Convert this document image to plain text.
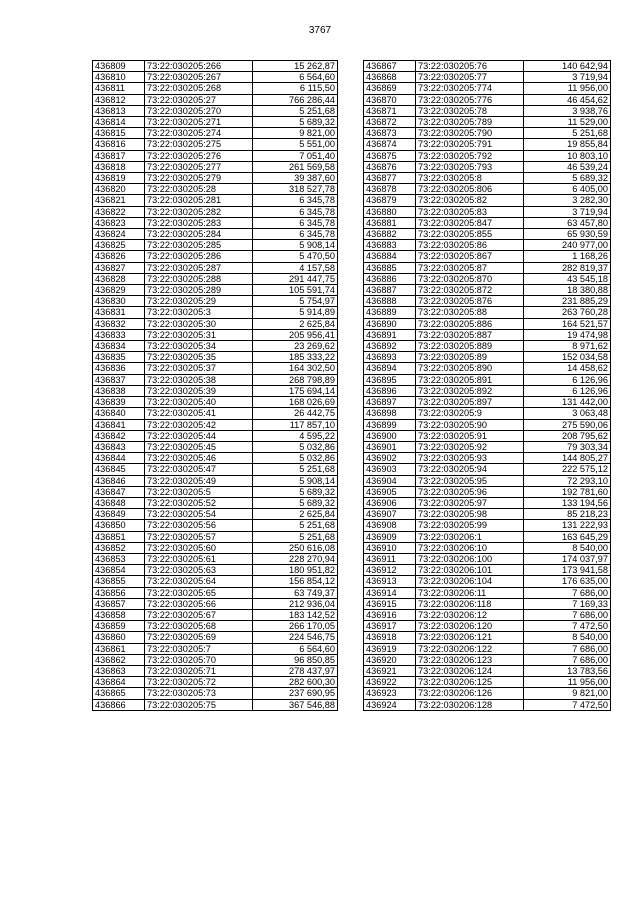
3767
436809	73:22:030205:266	15 262,87
436810	73:22:030205:267	6 564,60
436811	73:22:030205:268	6 115,50
436812	73:22:030205:27	766 286,44
436813	73:22:030205:270	5 251,68
436814	73:22:030205:271	5 689,32
436815	73:22:030205:274	9 821,00
436816	73:22:030205:275	5 551,00
436817	73:22:030205:276	7 051,40
436818	73:22:030205:277	261 569,58
436819	73:22:030205:279	39 387,60
436820	73:22:030205:28	318 527,78
436821	73:22:030205:281	6 345,78
436822	73:22:030205:282	6 345,78
436823	73:22:030205:283	6 345,78
436824	73:22:030205:284	6 345,78
436825	73:22:030205:285	5 908,14
436826	73:22:030205:286	5 470,50
436827	73:22:030205:287	4 157,58
436828	73:22:030205:288	291 447,75
436829	73:22:030205:289	105 591,74
436830	73:22:030205:29	5 754,97
436831	73:22:030205:3	5 914,89
436832	73:22:030205:30	2 625,84
436833	73:22:030205:31	205 956,41
436834	73:22:030205:34	23 269,62
436835	73:22:030205:35	185 333,22
436836	73:22:030205:37	164 302,50
436837	73:22:030205:38	268 798,89
436838	73:22:030205:39	175 694,14
436839	73:22:030205:40	168 026,69
436840	73:22:030205:41	26 442,75
436841	73:22:030205:42	117 857,10
436842	73:22:030205:44	4 595,22
436843	73:22:030205:45	5 032,86
436844	73:22:030205:46	5 032,86
436845	73:22:030205:47	5 251,68
436846	73:22:030205:49	5 908,14
436847	73:22:030205:5	5 689,32
436848	73:22:030205:52	5 689,32
436849	73:22:030205:54	2 625,84
436850	73:22:030205:56	5 251,68
436851	73:22:030205:57	5 251,68
436852	73:22:030205:60	250 616,08
436853	73:22:030205:61	228 270,94
436854	73:22:030205:63	180 951,82
436855	73:22:030205:64	156 854,12
436856	73:22:030205:65	63 749,37
436857	73:22:030205:66	212 936,04
436858	73:22:030205:67	183 142,52
436859	73:22:030205:68	266 170,05
436860	73:22:030205:69	224 546,75
436861	73:22:030205:7	6 564,60
436862	73:22:030205:70	96 850,85
436863	73:22:030205:71	278 437,97
436864	73:22:030205:72	282 600,30
436865	73:22:030205:73	237 690,95
436866	73:22:030205:75	367 546,88
436867	73:22:030205:76	140 642,94
436868	73:22:030205:77	3 719,94
436869	73:22:030205:774	11 956,00
436870	73:22:030205:776	46 454,62
436871	73:22:030205:78	3 938,76
436872	73:22:030205:789	11 529,00
436873	73:22:030205:790	5 251,68
436874	73:22:030205:791	19 855,84
436875	73:22:030205:792	10 803,10
436876	73:22:030205:793	46 539,24
436877	73:22:030205:8	5 689,32
436878	73:22:030205:806	6 405,00
436879	73:22:030205:82	3 282,30
436880	73:22:030205:83	3 719,94
436881	73:22:030205:847	63 457,80
436882	73:22:030205:855	65 930,59
436883	73:22:030205:86	240 977,00
436884	73:22:030205:867	1 168,26
436885	73:22:030205:87	282 819,37
436886	73:22:030205:870	43 545,18
436887	73:22:030205:872	18 380,88
436888	73:22:030205:876	231 885,29
436889	73:22:030205:88	263 760,28
436890	73:22:030205:886	164 521,57
436891	73:22:030205:887	19 474,98
436892	73:22:030205:889	8 971,62
436893	73:22:030205:89	152 034,58
436894	73:22:030205:890	14 458,62
436895	73:22:030205:891	6 126,96
436896	73:22:030205:892	6 126,96
436897	73:22:030205:897	131 442,00
436898	73:22:030205:9	3 063,48
436899	73:22:030205:90	275 590,06
436900	73:22:030205:91	208 795,62
436901	73:22:030205:92	79 303,34
436902	73:22:030205:93	144 805,27
436903	73:22:030205:94	222 575,12
436904	73:22:030205:95	72 293,10
436905	73:22:030205:96	192 781,60
436906	73:22:030205:97	133 194,56
436907	73:22:030205:98	85 218,23
436908	73:22:030205:99	131 222,93
436909	73:22:030206:1	163 645,29
436910	73:22:030206:10	8 540,00
436911	73:22:030206:100	174 037,97
436912	73:22:030206:101	173 941,58
436913	73:22:030206:104	176 635,00
436914	73:22:030206:11	7 686,00
436915	73:22:030206:118	7 169,33
436916	73:22:030206:12	7 686,00
436917	73:22:030206:120	7 472,50
436918	73:22:030206:121	8 540,00
436919	73:22:030206:122	7 686,00
436920	73:22:030206:123	7 686,00
436921	73:22:030206:124	13 783,56
436922	73:22:030206:125	11 956,00
436923	73:22:030206:126	9 821,00
436924	73:22:030206:128	7 472,50
